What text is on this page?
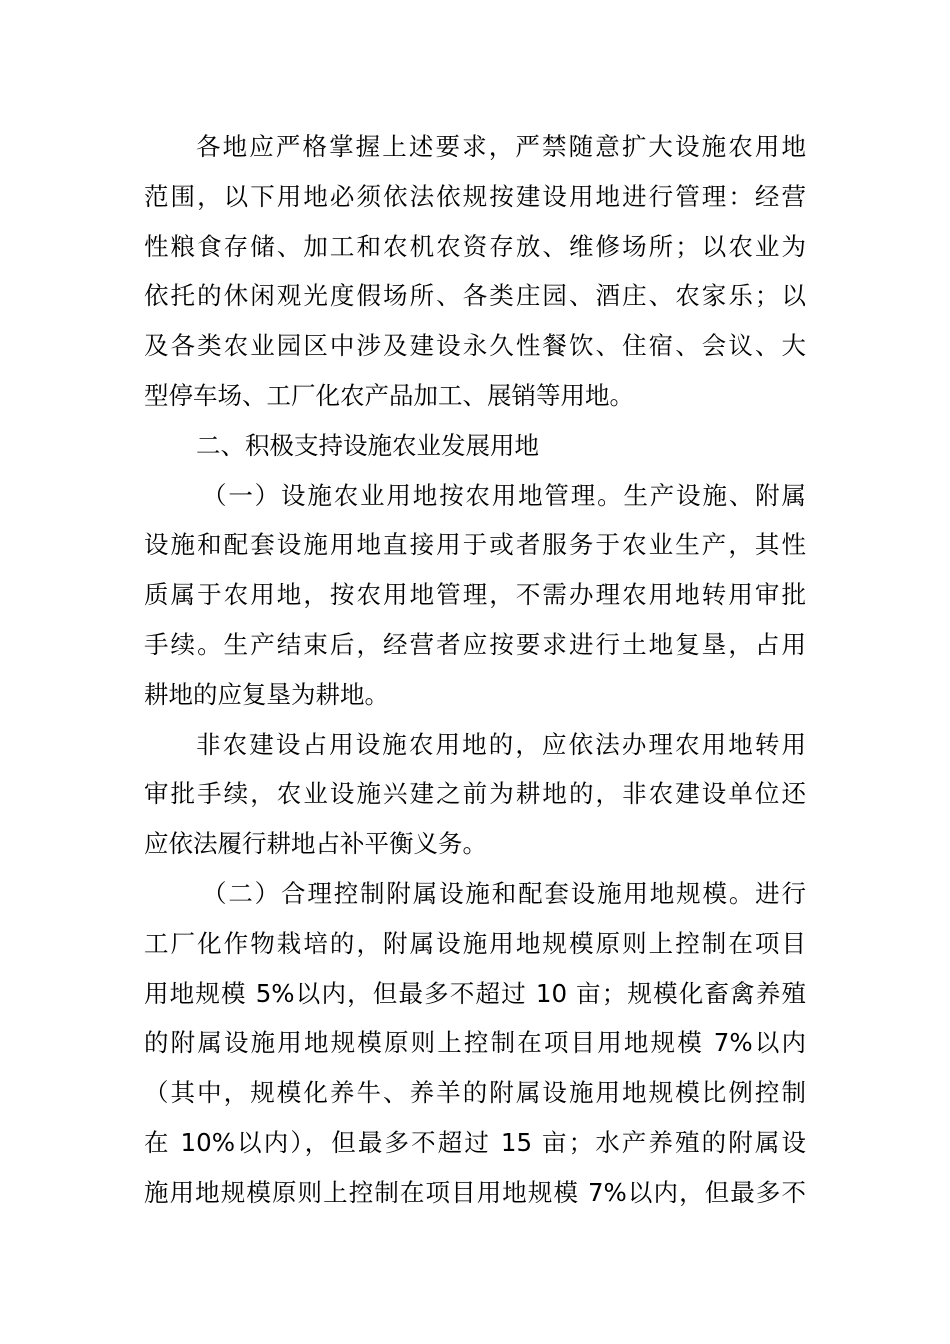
各地应严格掌握上述要求，严禁随意扩大设施农用地
范围，以下用地必须依法依规按建设用地进行管理：经营
性粮食存储、加工和农机农资存放、维修场所；以农业为
依托的休闲观光度假场所、各类庄园、酒庄、农家乐；以
及各类农业园区中涉及建设永久性餐饮、住宿、会议、大
型停车场、工厂化农产品加工、展销等用地。
二、积极支持设施农业发展用地
（一）设施农业用地按农用地管理。生产设施、附属
设施和配套设施用地直接用于或者服务于农业生产，其性
质属于农用地，按农用地管理，不需办理农用地转用审批
手续。生产结束后，经营者应按要求进行土地复垦，占用
耕地的应复垦为耕地。
非农建设占用设施农用地的，应依法办理农用地转用
审批手续，农业设施兴建之前为耕地的，非农建设单位还
应依法履行耕地占补平衡义务。
（二）合理控制附属设施和配套设施用地规模。进行
工厂化作物栽培的，附属设施用地规模原则上控制在项目
用地规模 5%以内，但最多不超过 10 亩；规模化畜禽养殖
的附属设施用地规模原则上控制在项目用地规模 7%以内
（其中，规模化养牛、养羊的附属设施用地规模比例控制
在 10%以内），但最多不超过 15 亩；水产养殖的附属设
施用地规模原则上控制在项目用地规模 7%以内，但最多不
